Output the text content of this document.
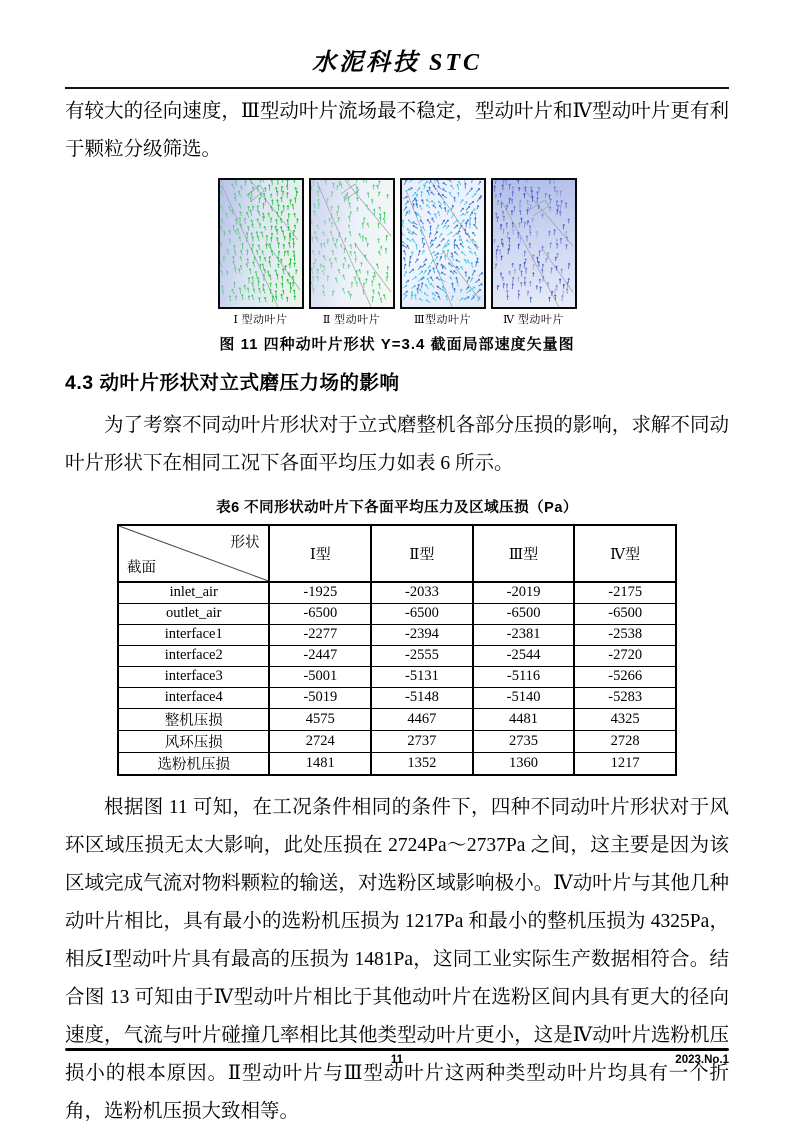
水泥科技 STC

有较大的径向速度，Ⅲ型动叶片流场最不稳定，型动叶片和Ⅳ型动叶片更有利于颗粒分级筛选。

Ⅰ 型动叶片	Ⅱ 型动叶片	Ⅲ型动叶片	Ⅳ 型动叶片
图 11 四种动叶片形状 Y=3.4 截面局部速度矢量图
4.3 动叶片形状对立式磨压力场的影响

为了考察不同动叶片形状对于立式磨整机各部分压损的影响，求解不同动叶片形状下在相同工况下各面平均压力如表 6 所示。

表6 不同形状动叶片下各面平均压力及区域压损（Pa）
形状
截面	Ⅰ型	Ⅱ型	Ⅲ型	Ⅳ型
inlet_air	-1925	-2033	-2019	-2175
outlet_air	-6500	-6500	-6500	-6500
interface1	-2277	-2394	-2381	-2538
interface2	-2447	-2555	-2544	-2720
interface3	-5001	-5131	-5116	-5266
interface4	-5019	-5148	-5140	-5283
整机压损	4575	4467	4481	4325
风环压损	2724	2737	2735	2728
选粉机压损	1481	1352	1360	1217

根据图 11 可知，在工况条件相同的条件下，四种不同动叶片形状对于风环区域压损无太大影响，此处压损在 2724Pa～2737Pa 之间，这主要是因为该区域完成气流对物料颗粒的输送，对选粉区域影响极小。Ⅳ动叶片与其他几种动叶片相比，具有最小的选粉机压损为 1217Pa 和最小的整机压损为 4325Pa，相反Ⅰ型动叶片具有最高的压损为 1481Pa，这同工业实际生产数据相符合。结合图 13 可知由于Ⅳ型动叶片相比于其他动叶片在选粉区间内具有更大的径向速度，气流与叶片碰撞几率相比其他类型动叶片更小，这是Ⅳ动叶片选粉机压损小的根本原因。Ⅱ型动叶片与Ⅲ型动叶片这两种类型动叶片均具有一个折角，选粉机压损大致相等。

11	2023.No.1
